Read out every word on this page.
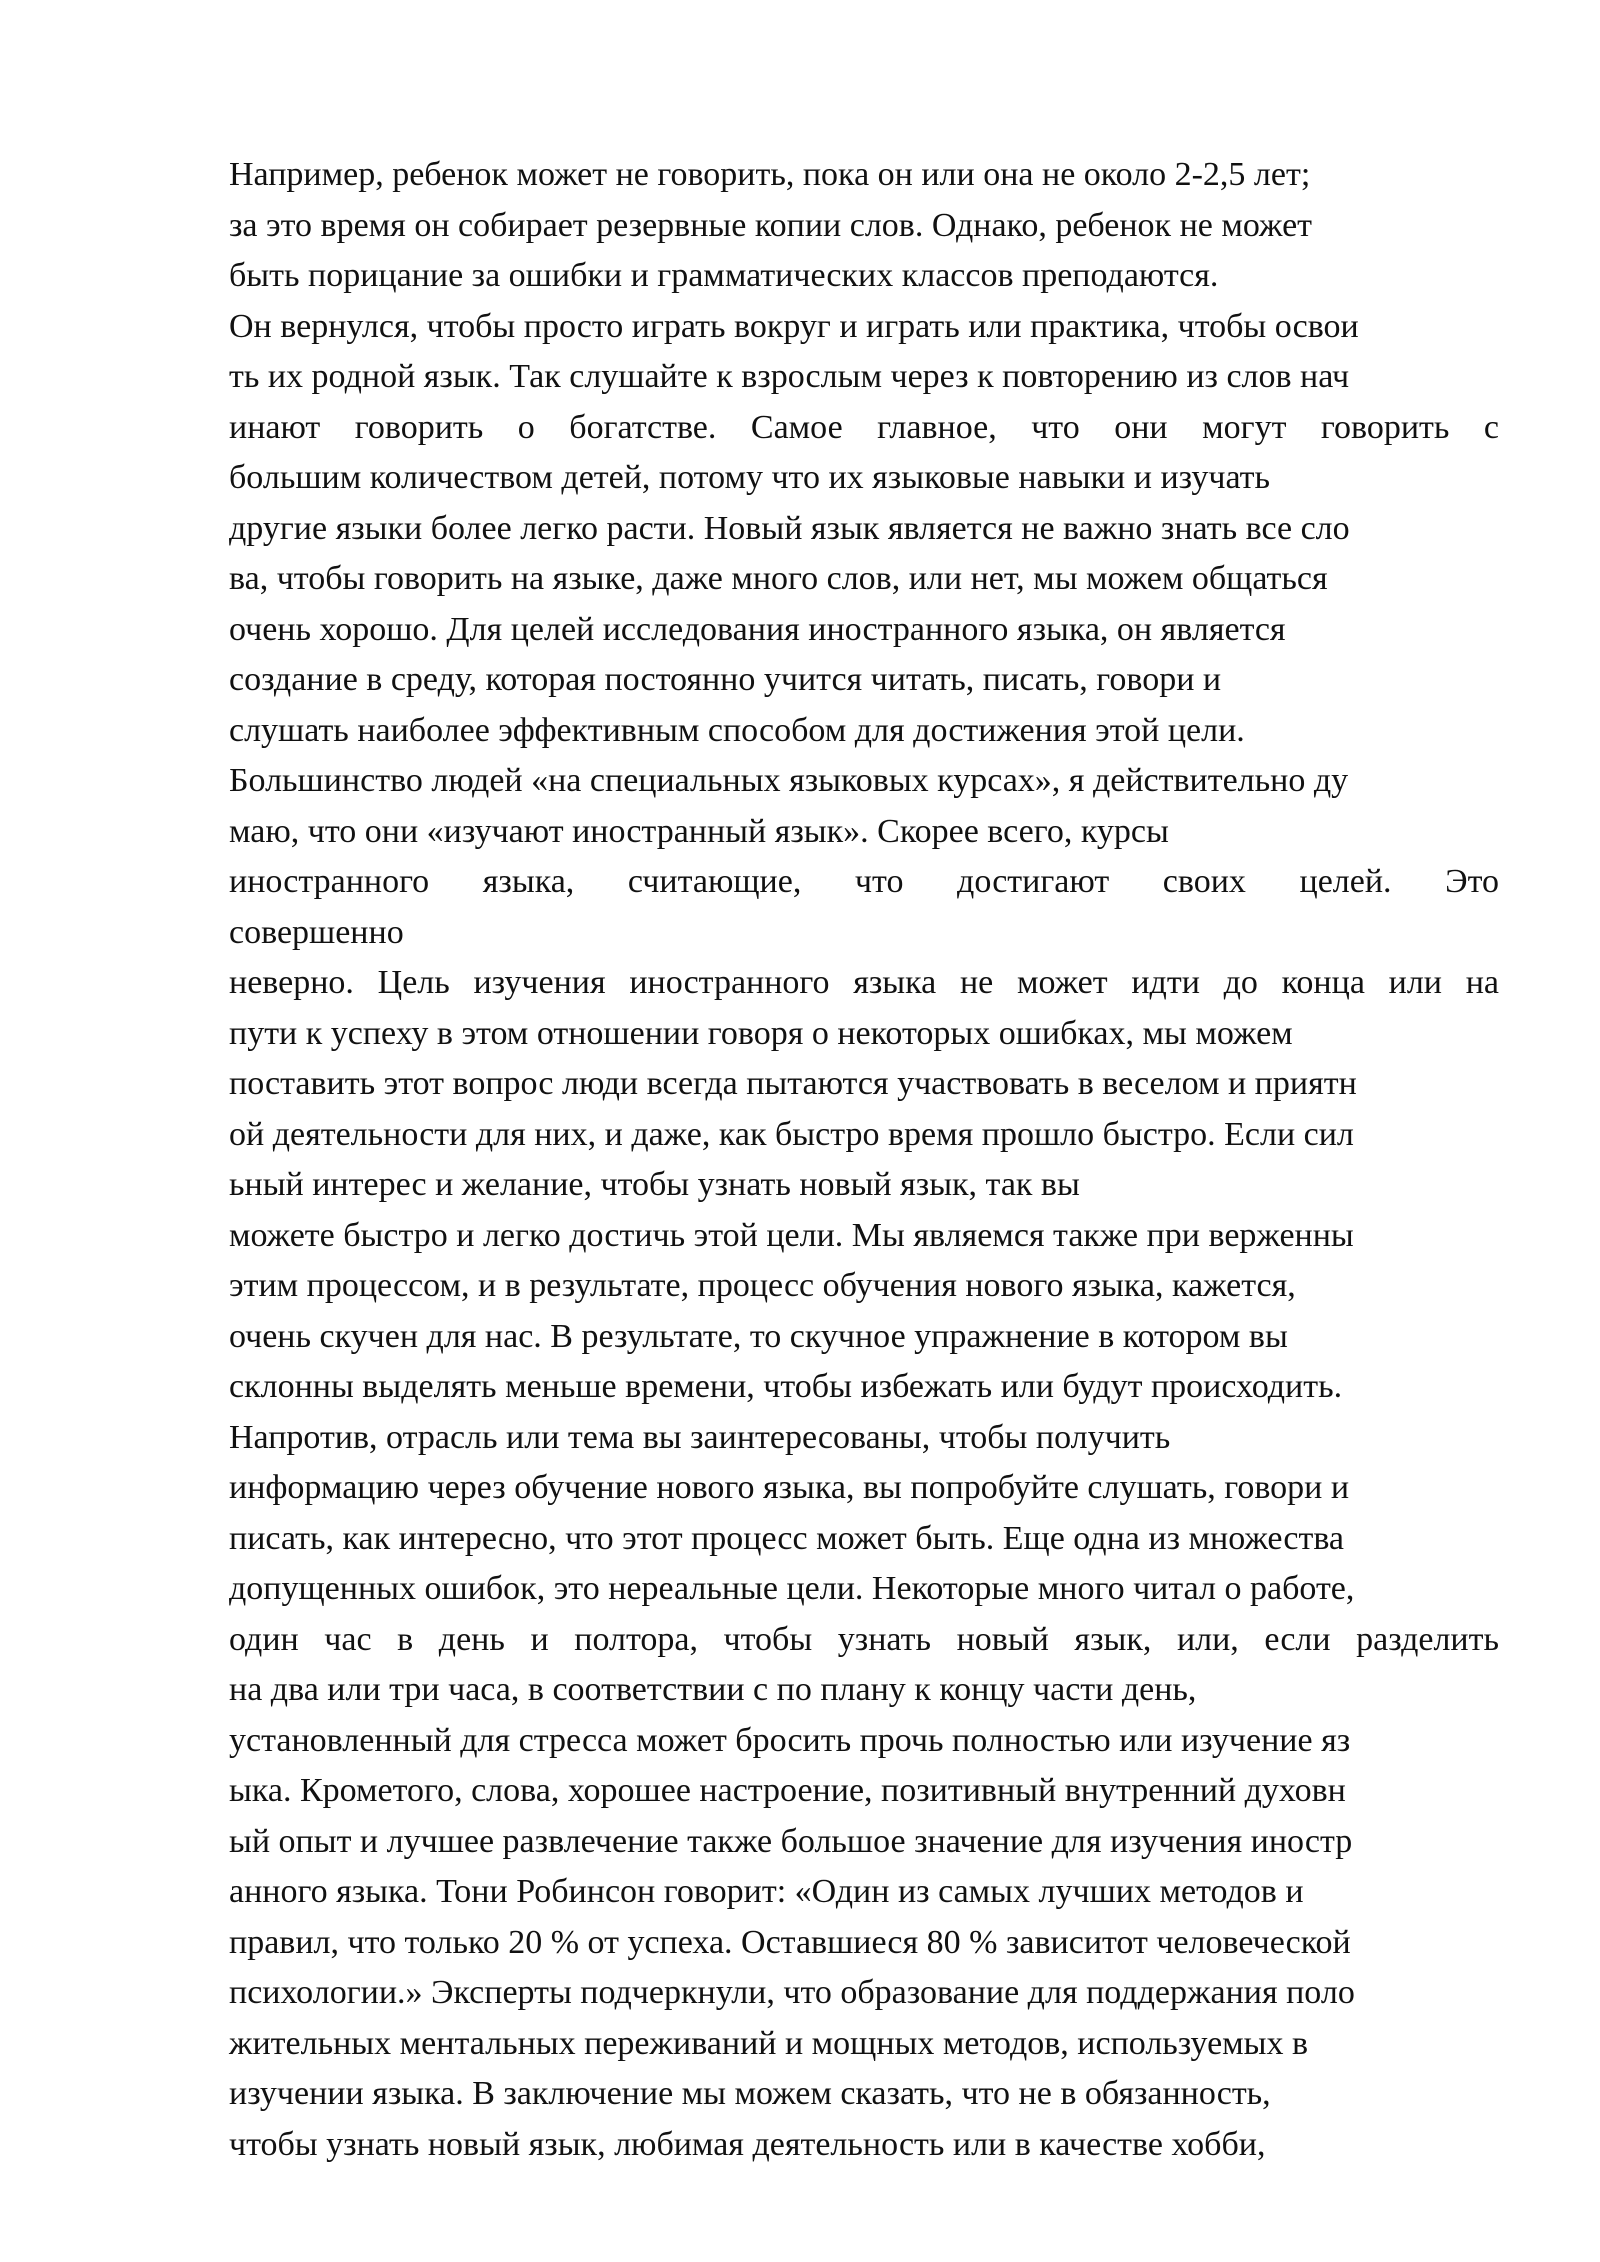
Например, ребенок может не говорить, пока он или она не около 2-2,5 лет;
за это время он собирает резервные копии слов. Однако, ребенок не может
быть порицание за ошибки и грамматических классов преподаются.
Он вернулся, чтобы просто играть вокруг и играть или практика, чтобы освои
ть их родной язык. Так слушайте к взрослым через к повторению из слов нач
инают говорить о богатстве. Самое главное, что они могут говорить с
большим количеством детей, потому что их языковые навыки и изучать
другие языки более легко расти. Новый язык является не важно знать все сло
ва, чтобы говорить на языке, даже много слов, или нет, мы можем общаться
очень хорошо. Для целей исследования иностранного языка, он является
создание в среду, которая постоянно учится читать, писать, говори и
слушать наиболее эффективным способом для достижения этой цели.
Большинство людей «на специальных языковых курсах», я действительно ду
маю, что они «изучают иностранный язык». Скорее всего, курсы
иностранного языка, считающие, что достигают своих целей. Это
совершенно
неверно. Цель изучения иностранного языка не может идти до конца или на
пути к успеху в этом отношении говоря о некоторых ошибках, мы можем
поставить этот вопрос люди всегда пытаются участвовать в веселом и приятн
ой деятельности для них, и даже, как быстро время прошло быстро. Если сил
ьный интерес и желание, чтобы узнать новый язык, так вы
можете быстро и легко достичь этой цели. Мы являемся также при верженны
этим процессом, и в результате, процесс обучения нового языка, кажется,
очень скучен для нас. В результате, то скучное упражнение в котором вы
склонны выделять меньше времени, чтобы избежать или будут происходить.
Напротив, отрасль или тема вы заинтересованы, чтобы получить
информацию через обучение нового языка, вы попробуйте слушать, говори и
писать, как интересно, что этот процесс может быть. Еще одна из множества
допущенных ошибок, это нереальные цели. Некоторые много читал о работе,
один час в день и полтора, чтобы узнать новый язык, или, если разделить
на два или три часа, в соответствии с по плану к концу части день,
установленный для стресса может бросить прочь полностью или изучение яз
ыка. Крометого, слова, хорошее настроение, позитивный внутренний духовн
ый опыт и лучшее развлечение также большое значение для изучения иностр
анного языка. Тони Робинсон говорит: «Один из самых лучших методов и
правил, что только 20 % от успеха. Оставшиеся 80 % зависитот человеческой
психологии.» Эксперты подчеркнули, что образование для поддержания поло
жительных ментальных переживаний и мощных методов, используемых в
изучении языка. В заключение мы можем сказать, что не в обязанность,
чтобы узнать новый язык, любимая деятельность или в качестве хобби,
